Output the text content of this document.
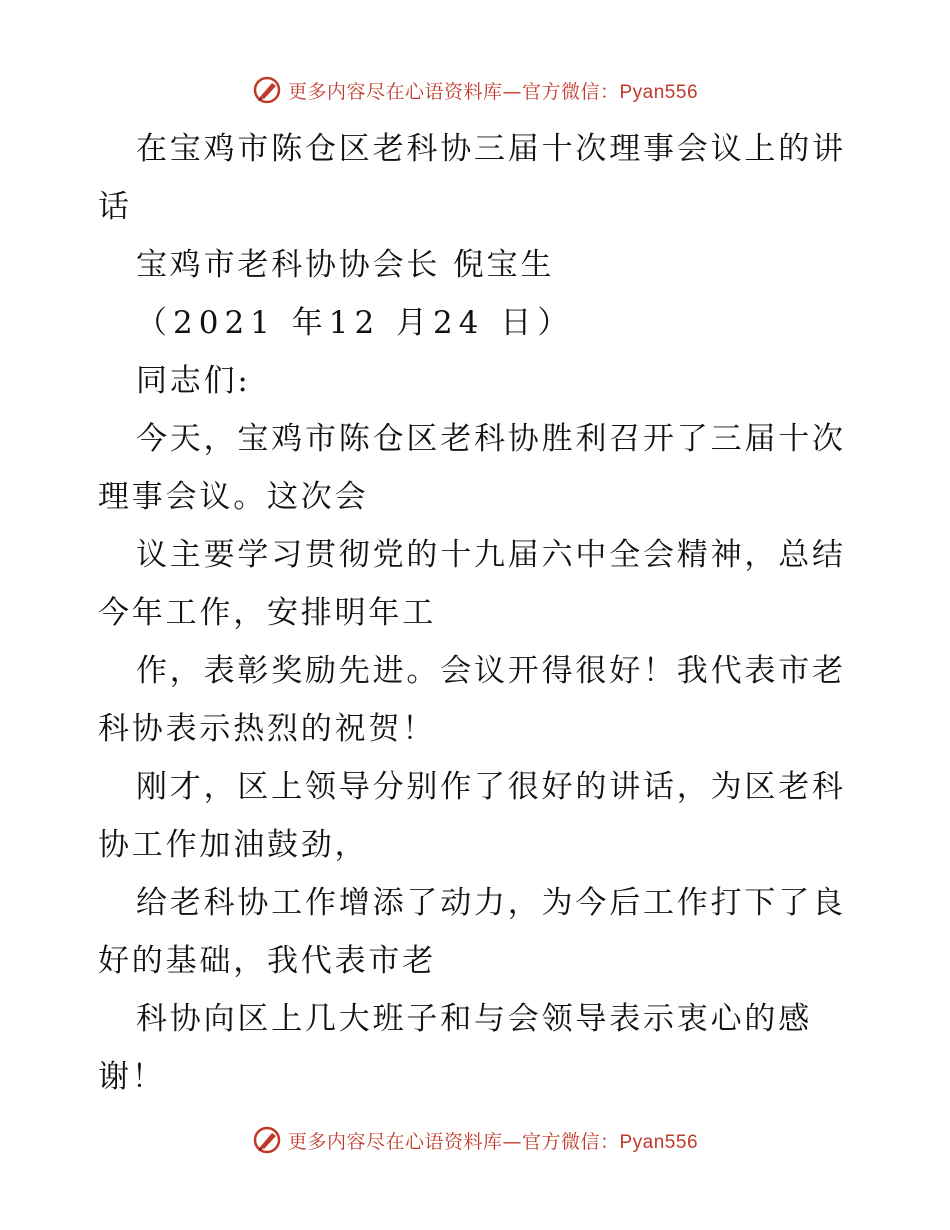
更多内容尽在心语资料库—官方微信：Pyan556

在宝鸡市陈仓区老科协三届十次理事会议上的讲

话

宝鸡市老科协协会长 倪宝生

（2021 年12 月24 日）

同志们:

今天，宝鸡市陈仓区老科协胜利召开了三届十次

理事会议。这次会

议主要学习贯彻党的十九届六中全会精神，总结

今年工作，安排明年工

作，表彰奖励先进。会议开得很好！我代表市老

科协表示热烈的祝贺！

刚才，区上领导分别作了很好的讲话，为区老科

协工作加油鼓劲，

给老科协工作增添了动力，为今后工作打下了良

好的基础，我代表市老

科协向区上几大班子和与会领导表示衷心的感

谢！

更多内容尽在心语资料库—官方微信：Pyan556
